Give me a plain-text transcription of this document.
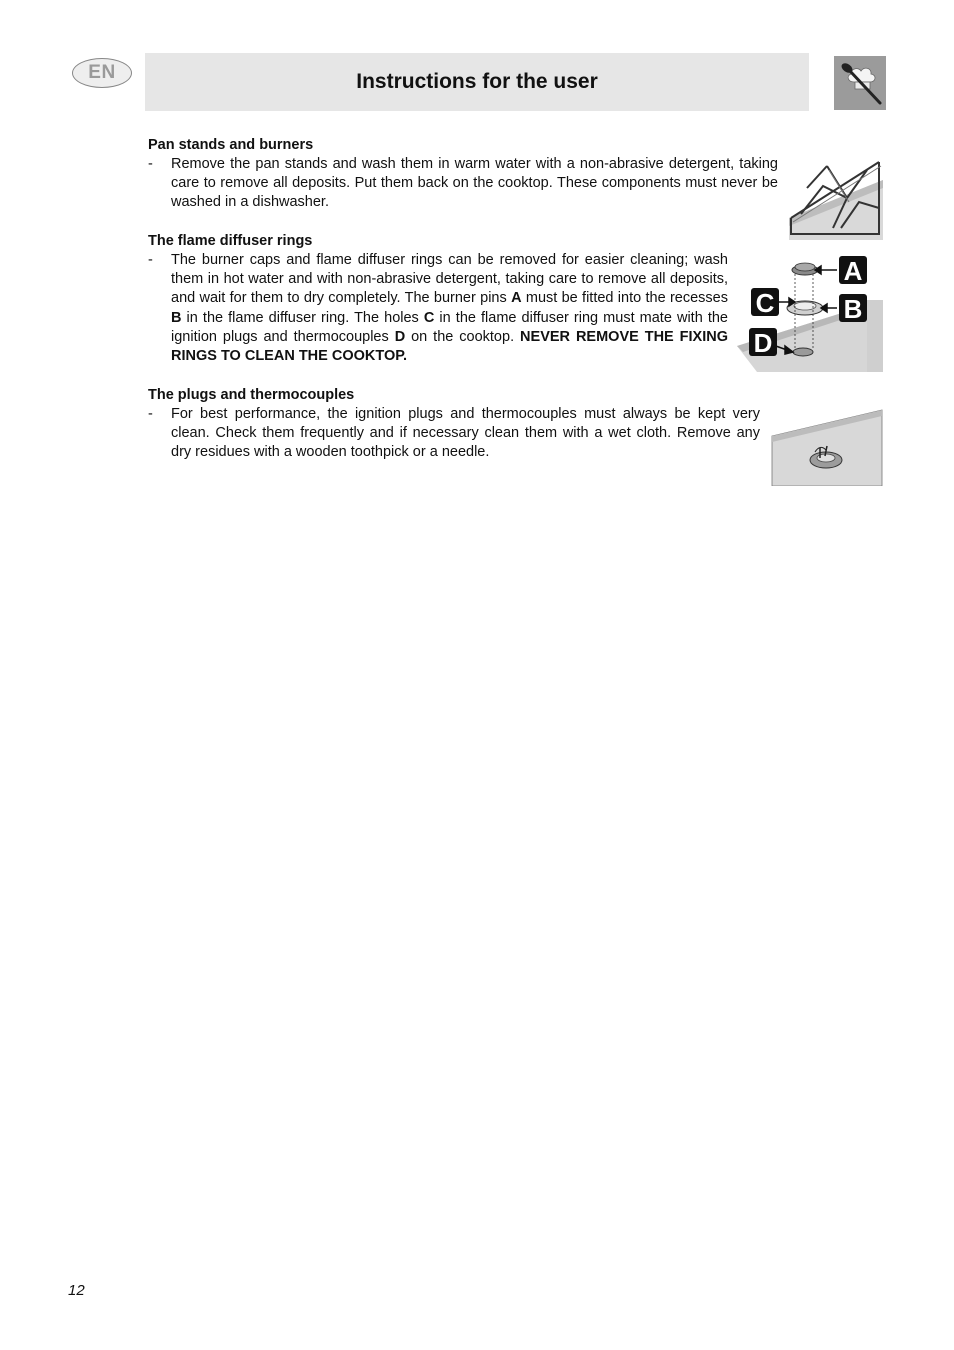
EN	Instructions for the user
Pan stands and burners
- Remove the pan stands and wash them in warm water with a non-abrasive detergent, taking care to remove all deposits. Put them back on the cooktop. These components must never be washed in a dishwasher.
The flame diffuser rings
- The burner caps and flame diffuser rings can be removed for easier cleaning; wash them in hot water and with non-abrasive detergent, taking care to remove all deposits, and wait for them to dry completely. The burner pins A must be fitted into the recesses B in the flame diffuser ring. The holes C in the flame diffuser ring must mate with the ignition plugs and thermocouples D on the cooktop. NEVER REMOVE THE FIXING RINGS TO CLEAN THE COOKTOP.
A
B
C
D
The plugs and thermocouples
- For best performance, the ignition plugs and thermocouples must always be kept very clean. Check them frequently and if necessary clean them with a wet cloth. Remove any dry residues with a wooden toothpick or a needle.
12
